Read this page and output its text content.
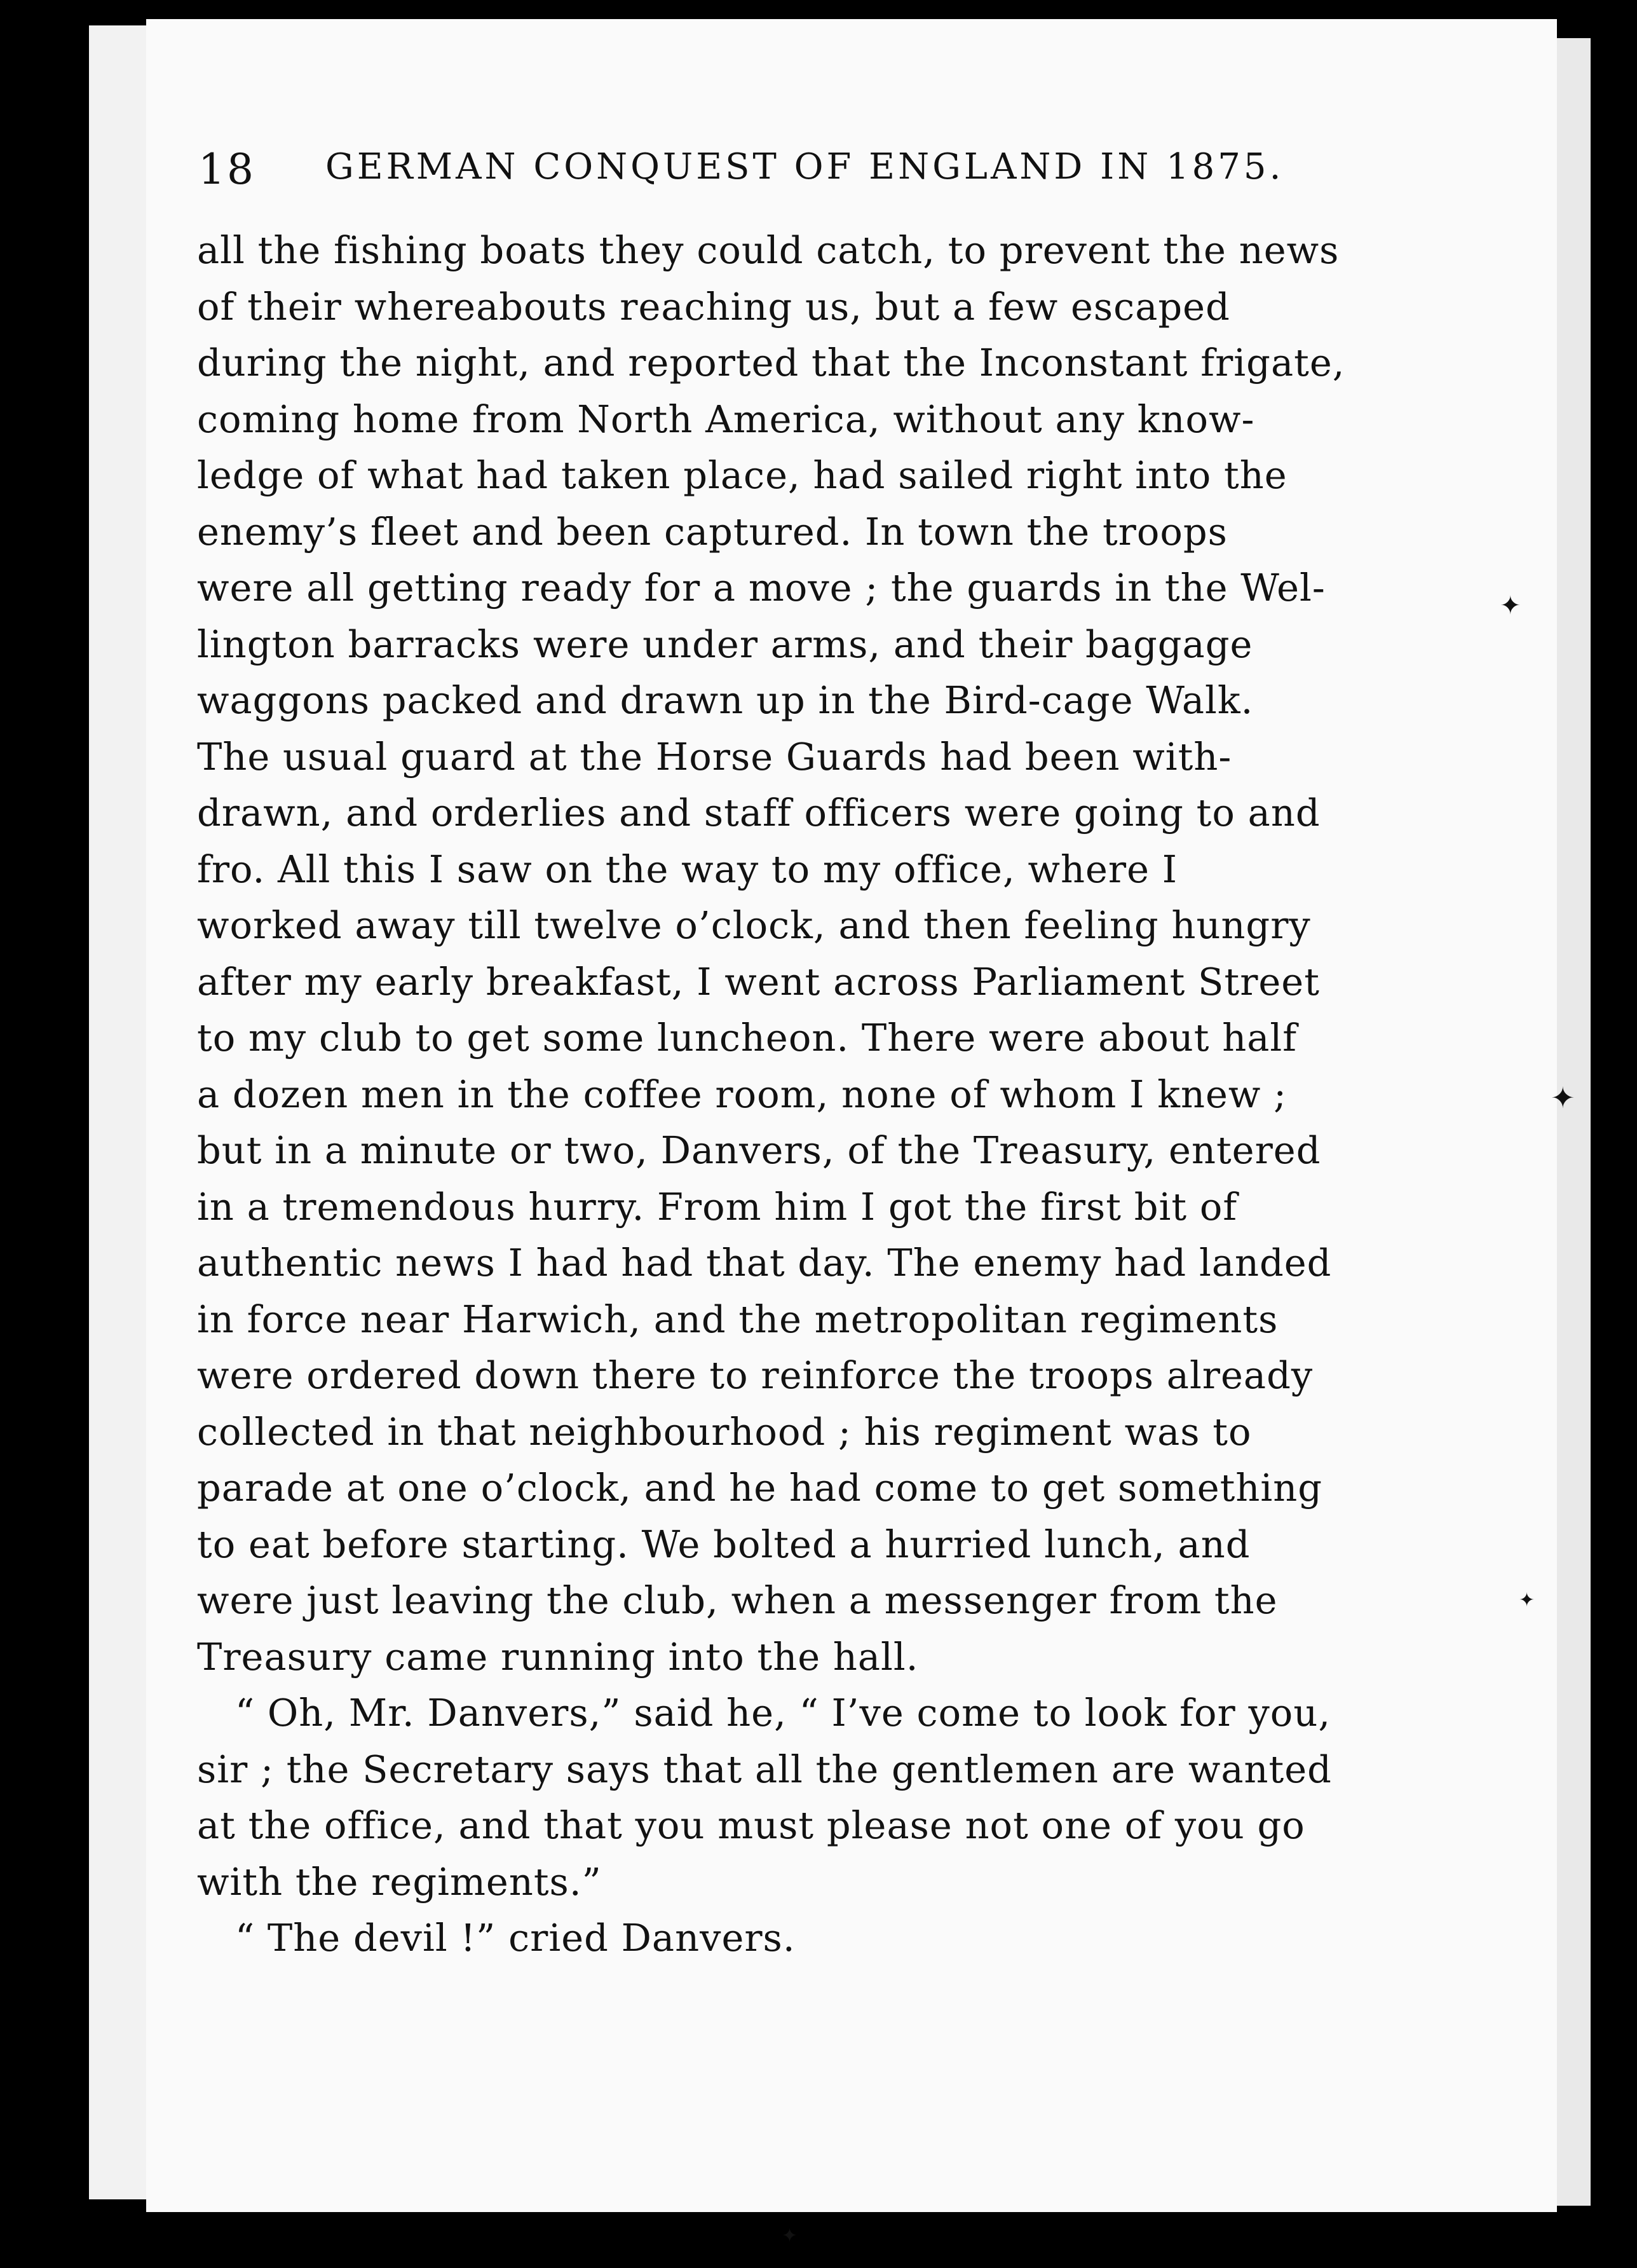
18 GERMAN CONQUEST OF ENGLAND IN 1875.
all the fishing boats they could catch, to prevent the news
of their whereabouts reaching us, but a few escaped
during the night, and reported that the Inconstant frigate,
coming home from North America, without any know-
ledge of what had taken place, had sailed right into the
enemy’s fleet and been captured. In town the troops
were all getting ready for a move ; the guards in the Wel-
lington barracks were under arms, and their baggage
waggons packed and drawn up in the Bird-cage Walk.
The usual guard at the Horse Guards had been with-
drawn, and orderlies and staff officers were going to and
fro. All this I saw on the way to my office, where I
worked away till twelve o’clock, and then feeling hungry
after my early breakfast, I went across Parliament Street
to my club to get some luncheon. There were about half
a dozen men in the coffee room, none of whom I knew ;
but in a minute or two, Danvers, of the Treasury, entered
in a tremendous hurry. From him I got the first bit of
authentic news I had had that day. The enemy had landed
in force near Harwich, and the metropolitan regiments
were ordered down there to reinforce the troops already
collected in that neighbourhood ; his regiment was to
parade at one o’clock, and he had come to get something
to eat before starting. We bolted a hurried lunch, and
were just leaving the club, when a messenger from the
Treasury came running into the hall.
“ Oh, Mr. Danvers,” said he, “ I’ve come to look for you,
sir ; the Secretary says that all the gentlemen are wanted
at the office, and that you must please not one of you go
with the regiments.”
“ The devil !” cried Danvers.
✦
✦
✦
✦
